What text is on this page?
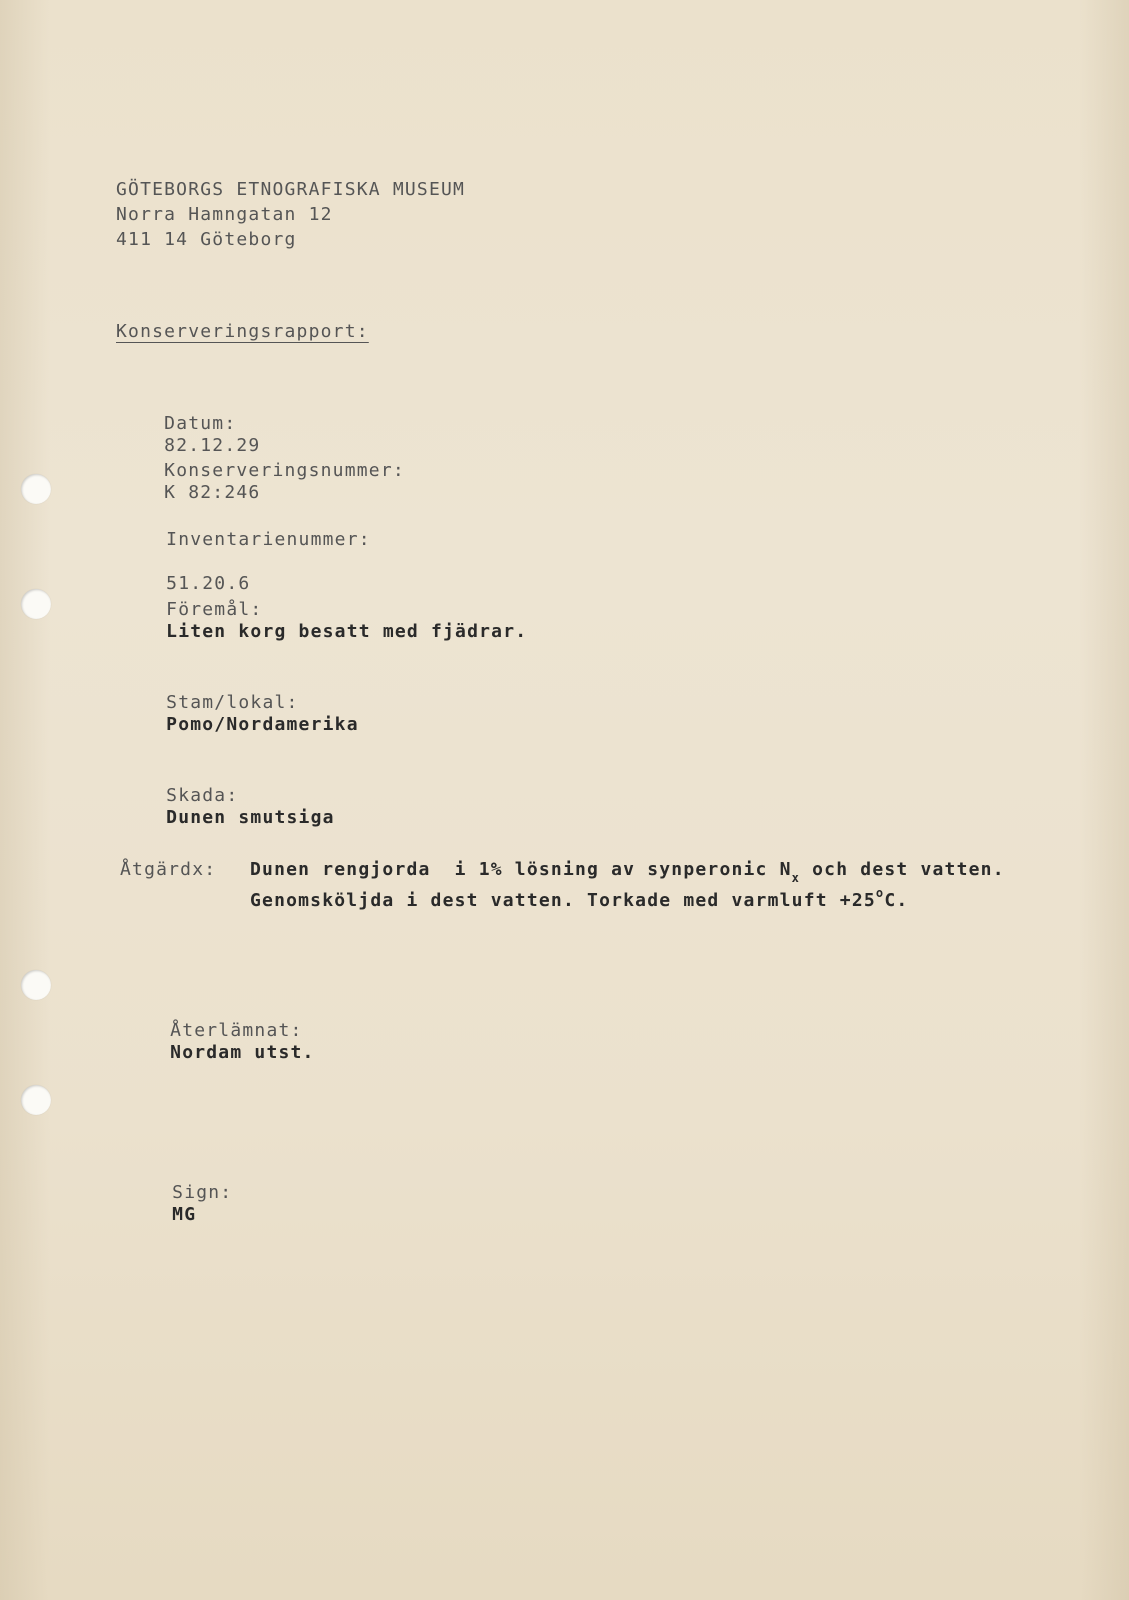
GÖTEBORGS ETNOGRAFISKA MUSEUM
Norra Hamngatan 12
411 14 Göteborg
Konserveringsrapport:

Datum:
82.12.29

Konserveringsnummer:
K 82:246

Inventarienummer:

51.20.6

Föremål:
Liten korg besatt med fjädrar.

Stam/lokal:
Pomo/Nordamerika

Skada:
Dunen smutsiga

Åtgärdx: Dunen rengjorda  i 1% lösning av synperonic $N_x$ och dest vatten.
Genomsköljda i dest vatten. Torkade med varmluft $+25^oC$.

Återlämnat:
Nordam utst.

Sign:
MG
